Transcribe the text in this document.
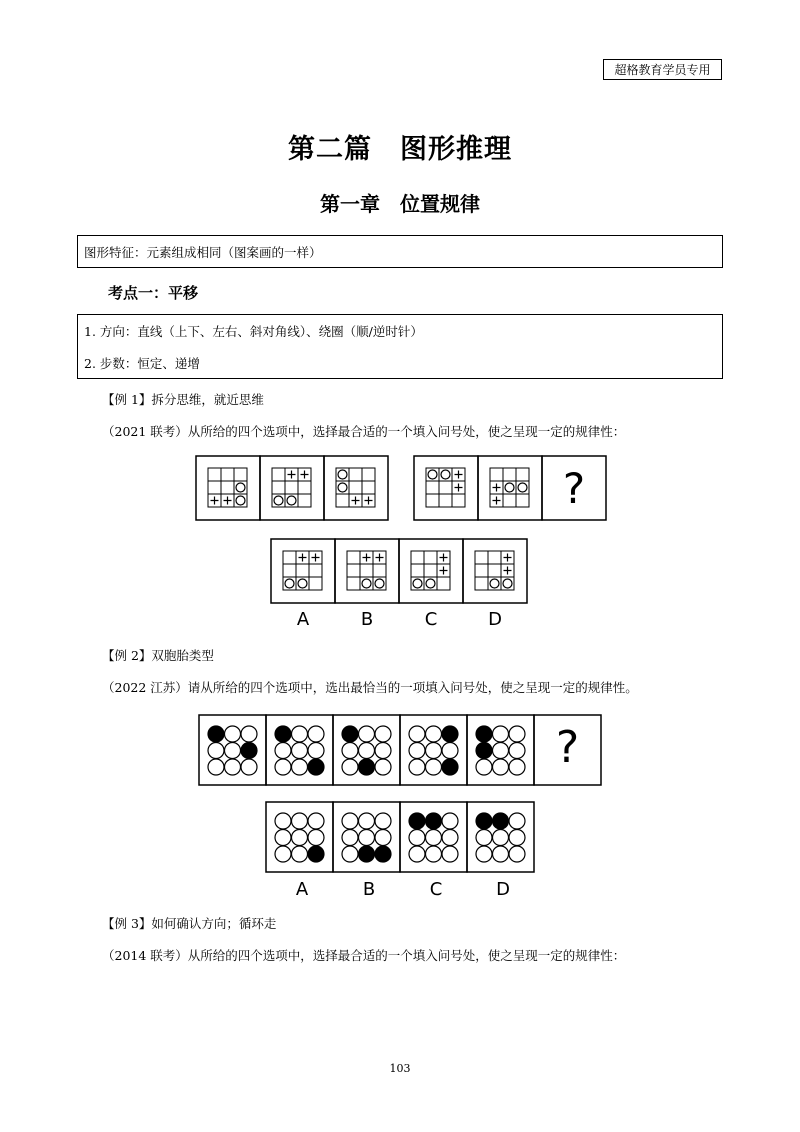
超格教育学员专用
第二篇　图形推理
第一章　位置规律
图形特征：元素组成相同（图案画的一样）
考点一：平移
1. 方向：直线（上下、左右、斜对角线）、绕圈（顺/逆时针）
2. 步数：恒定、递增
【例 1】拆分思维，就近思维
（2021 联考）从所给的四个选项中，选择最合适的一个填入问号处，使之呈现一定的规律性：
?
A	B	C	D
【例 2】双胞胎类型
（2022 江苏）请从所给的四个选项中，选出最恰当的一项填入问号处，使之呈现一定的规律性。
?
A	B	C	D
【例 3】如何确认方向；循环走
（2014 联考）从所给的四个选项中，选择最合适的一个填入问号处，使之呈现一定的规律性：
103
